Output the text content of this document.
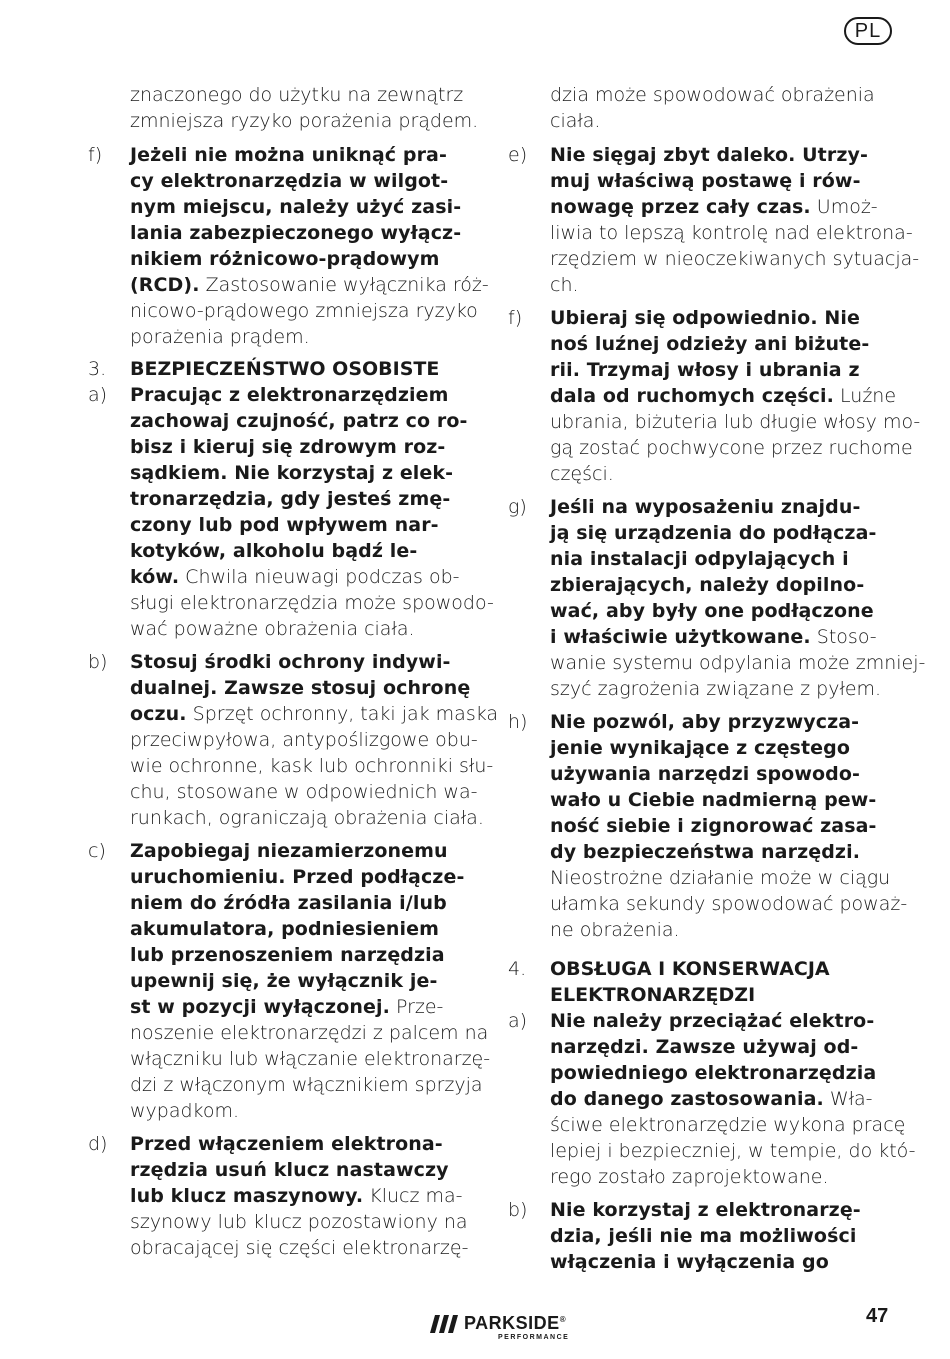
PL
znaczonego do użytku na zewnątrz
zmniejsza ryzyko porażenia prądem.
f)	Jeżeli nie można uniknąć pra-
cy elektronarzędzia w wilgot-
nym miejscu, należy użyć zasi-
lania zabezpieczonego wyłącz-
nikiem różnicowo-prądowym
(RCD). Zastosowanie wyłącznika róż-
nicowo-prądowego zmniejsza ryzyko
porażenia prądem.
3.	BEZPIECZEŃSTWO OSOBISTE
a)	Pracując z elektronarzędziem
zachowaj czujność, patrz co ro-
bisz i kieruj się zdrowym roz-
sądkiem. Nie korzystaj z elek-
tronarzędzia, gdy jesteś zmę-
czony lub pod wpływem nar-
kotyków, alkoholu bądź le-
ków. Chwila nieuwagi podczas ob-
sługi elektronarzędzia może spowodo-
wać poważne obrażenia ciała.
b)	Stosuj środki ochrony indywi-
dualnej. Zawsze stosuj ochronę
oczu. Sprzęt ochronny, taki jak maska
przeciwpyłowa, antypoślizgowe obu-
wie ochronne, kask lub ochronniki słu-
chu, stosowane w odpowiednich wa-
runkach, ograniczają obrażenia ciała.
c)	Zapobiegaj niezamierzonemu
uruchomieniu. Przed podłącze-
niem do źródła zasilania i/lub
akumulatora, podniesieniem
lub przenoszeniem narzędzia
upewnij się, że wyłącznik je-
st w pozycji wyłączonej. Prze-
noszenie elektronarzędzi z palcem na
włączniku lub włączanie elektronarzę-
dzi z włączonym włącznikiem sprzyja
wypadkom.
d)	Przed włączeniem elektrona-
rzędzia usuń klucz nastawczy
lub klucz maszynowy. Klucz ma-
szynowy lub klucz pozostawiony na
obracającej się części elektronarzę-
dzia może spowodować obrażenia
ciała.
e)	Nie sięgaj zbyt daleko. Utrzy-
muj właściwą postawę i rów-
nowagę przez cały czas. Umoż-
liwia to lepszą kontrolę nad elektrona-
rzędziem w nieoczekiwanych sytuacja-
ch.
f)	Ubieraj się odpowiednio. Nie
noś luźnej odzieży ani biżute-
rii. Trzymaj włosy i ubrania z
dala od ruchomych części. Luźne
ubrania, biżuteria lub długie włosy mo-
gą zostać pochwycone przez ruchome
części.
g)	Jeśli na wyposażeniu znajdu-
ją się urządzenia do podłącza-
nia instalacji odpylających i
zbierających, należy dopilno-
wać, aby były one podłączone
i właściwie użytkowane. Stoso-
wanie systemu odpylania może zmniej-
szyć zagrożenia związane z pyłem.
h)	Nie pozwól, aby przyzwycza-
jenie wynikające z częstego
używania narzędzi spowodo-
wało u Ciebie nadmierną pew-
ność siebie i zignorować zasa-
dy bezpieczeństwa narzędzi.
Nieostrożne działanie może w ciągu
ułamka sekundy spowodować poważ-
ne obrażenia.
4.	OBSŁUGA I KONSERWACJA
ELEKTRONARZĘDZI
a)	Nie należy przeciążać elektro-
narzędzi. Zawsze używaj od-
powiedniego elektronarzędzia
do danego zastosowania. Wła-
ściwe elektronarzędzie wykona pracę
lepiej i bezpieczniej, w tempie, do któ-
rego zostało zaprojektowane.
b)	Nie korzystaj z elektronarzę-
dzia, jeśli nie ma możliwości
włączenia i wyłączenia go
PARKSIDE®
PERFORMANCE
47
